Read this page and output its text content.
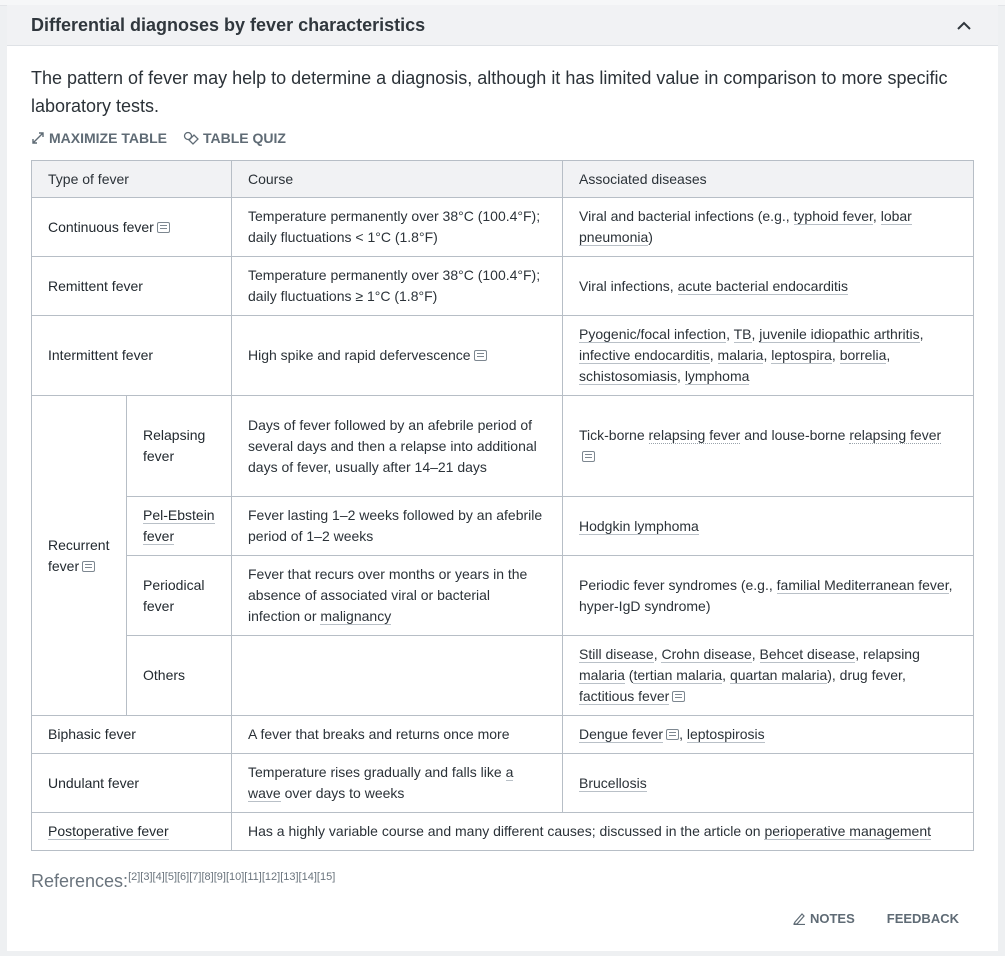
Differential diagnoses by fever characteristics
The pattern of fever may help to determine a diagnosis, although it has limited value in comparison to more specific laboratory tests.
MAXIMIZE TABLE	TABLE QUIZ
Type of fever		Course	Associated diseases
Continuous fever		Temperature permanently over 38°C (100.4°F); daily fluctuations < 1°C (1.8°F)	Viral and bacterial infections (e.g., typhoid fever, lobar pneumonia)
Remittent fever		Temperature permanently over 38°C (100.4°F); daily fluctuations ≥ 1°C (1.8°F)	Viral infections, acute bacterial endocarditis
Intermittent fever		High spike and rapid defervescence	Pyogenic/focal infection, TB, juvenile idiopathic arthritis, infective endocarditis, malaria, leptospira, borrelia, schistosomiasis, lymphoma
Recurrent fever	Relapsing fever	Days of fever followed by an afebrile period of several days and then a relapse into additional days of fever, usually after 14–21 days	Tick-borne relapsing fever and louse-borne relapsing fever
	Pel-Ebstein fever	Fever lasting 1–2 weeks followed by an afebrile period of 1–2 weeks	Hodgkin lymphoma
	Periodical fever	Fever that recurs over months or years in the absence of associated viral or bacterial infection or malignancy	Periodic fever syndromes (e.g., familial Mediterranean fever, hyper-IgD syndrome)
	Others		Still disease, Crohn disease, Behcet disease, relapsing malaria (tertian malaria, quartan malaria), drug fever, factitious fever
Biphasic fever		A fever that breaks and returns once more	Dengue fever , leptospirosis
Undulant fever		Temperature rises gradually and falls like a wave over days to weeks	Brucellosis
Postoperative fever		Has a highly variable course and many different causes; discussed in the article on perioperative management	
References:[2][3][4][5][6][7][8][9][10][11][12][13][14][15]
NOTES FEEDBACK
